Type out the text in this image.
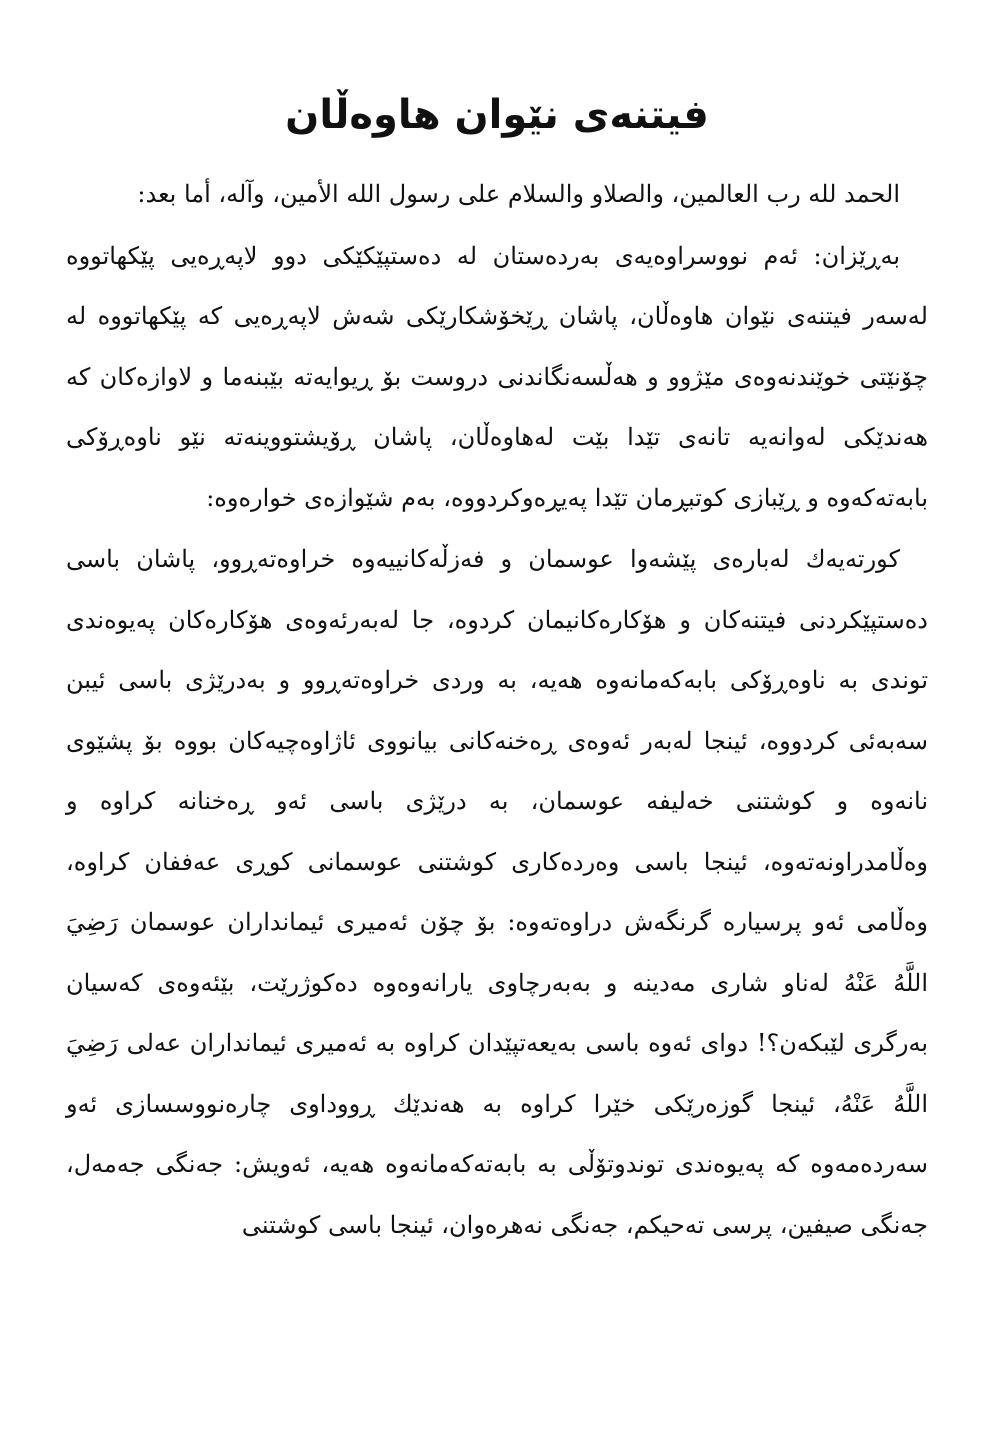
فیتنەی نێوان هاوەڵان

الحمد لله رب العالمين، والصلاو والسلام على رسول الله الأمين، وآله، أما بعد:

بەڕێزان: ئەم نووسراوەیەی بەردەستان لە دەستپێکێکی دوو لاپەڕەیی پێکهاتووە لەسەر فیتنەی نێوان هاوەڵان، پاشان ڕێخۆشکارێکی شەش لاپەڕەیی کە پێکهاتووە لە چۆنێتی خوێندنەوەی مێژوو و هەڵسەنگاندنی دروست بۆ ڕیوایەتە بێبنەما و لاوازەکان کە هەندێکی لەوانەیە تانەی تێدا بێت لەهاوەڵان، پاشان ڕۆیشتووینەتە نێو ناوەڕۆکی بابەتەکەوە و ڕێبازی کوتبڕمان تێدا پەیڕەوکردووە، بەم شێوازەی خوارەوە:

کورتەیەك لەبارەی پێشەوا عوسمان و فەزڵەکانییەوە خراوەتەڕوو، پاشان باسی دەستپێکردنی فیتنەکان و هۆکارەکانیمان کردوە، جا لەبەرئەوەی هۆکارەکان پەیوەندی توندی بە ناوەڕۆکی بابەکەمانەوە هەیە، بە وردی خراوەتەڕوو و بەدرێژی باسی ئیبن سەبەئی کردووە، ئینجا لەبەر ئەوەی ڕەخنەکانی بیانووی ئاژاوەچیەکان بووە بۆ پشێوی نانەوە و کوشتنی خەلیفە عوسمان، بە درێژی باسی ئەو ڕەخنانە کراوە و وەڵامدراونەتەوە، ئینجا باسی وەردەکاری کوشتنی عوسمانی کوڕی عەففان کراوە، وەڵامی ئەو پرسیارە گرنگەش دراوەتەوە: بۆ چۆن ئەمیری ئیمانداران عوسمان رَضِيَ اللَّهُ عَنْهُ لەناو شاری مەدینە و بەبەرچاوی یارانەوەوە دەکوژرێت، بێئەوەی کەسیان بەرگری لێبکەن؟! دوای ئەوە باسی بەیعەتپێدان کراوە بە ئەمیری ئیمانداران عەلی رَضِيَ اللَّهُ عَنْهُ، ئینجا گوزەرێکی خێرا کراوە بە هەندێك ڕووداوی چارەنووسسازی ئەو سەردەمەوە کە پەیوەندی توندوتۆڵی بە بابەتەکەمانەوە هەیە، ئەویش: جەنگی جەمەل، جەنگی صیفین، پرسی تەحیکم، جەنگی نەهرەوان، ئینجا باسی کوشتنی
